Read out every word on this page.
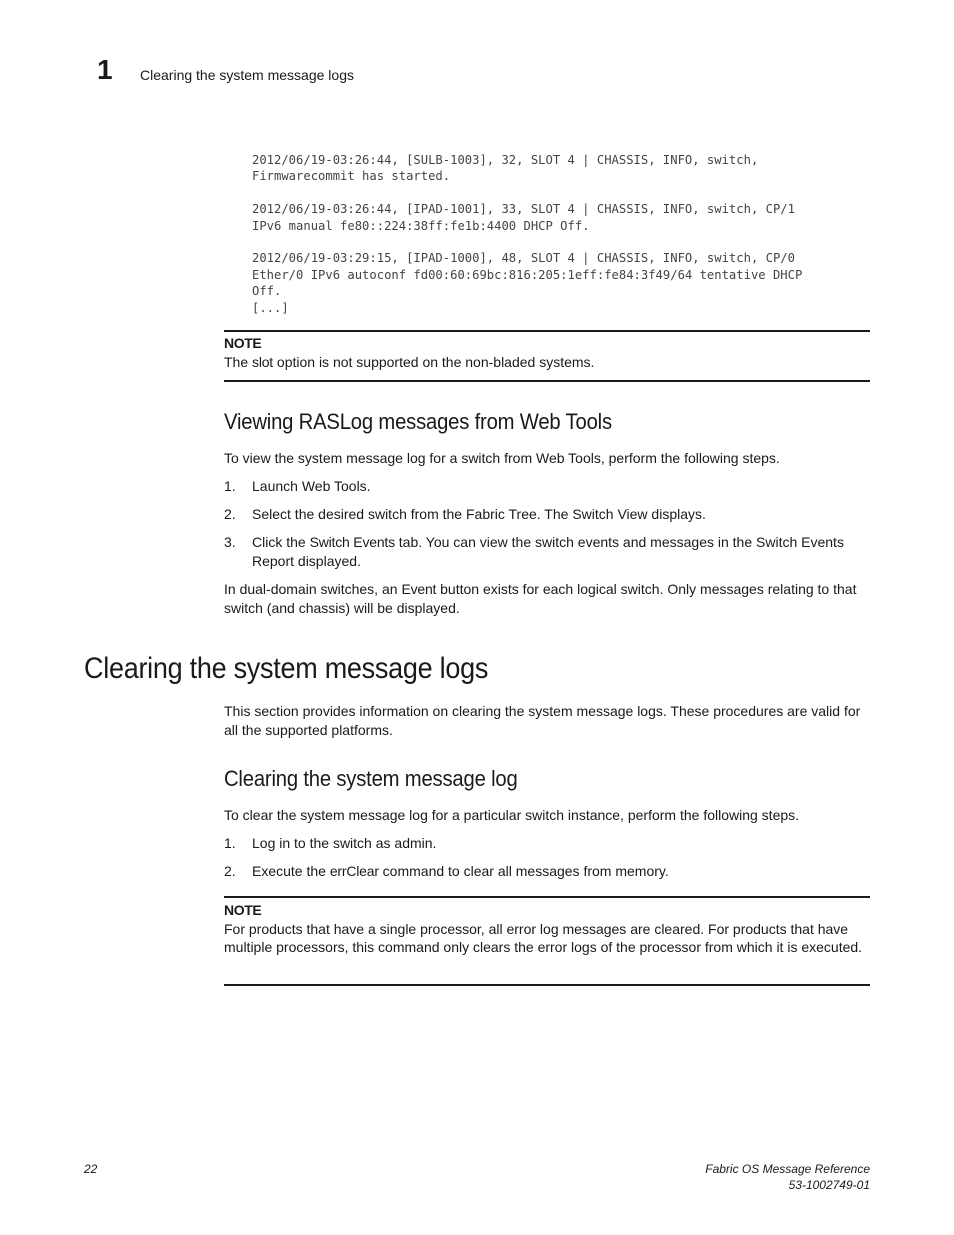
1 Clearing the system message logs
2012/06/19-03:26:44, [SULB-1003], 32, SLOT 4 | CHASSIS, INFO, switch,
Firmwarecommit has started.

2012/06/19-03:26:44, [IPAD-1001], 33, SLOT 4 | CHASSIS, INFO, switch, CP/1
IPv6 manual fe80::224:38ff:fe1b:4400 DHCP Off.

2012/06/19-03:29:15, [IPAD-1000], 48, SLOT 4 | CHASSIS, INFO, switch, CP/0
Ether/0 IPv6 autoconf fd00:60:69bc:816:205:1eff:fe84:3f49/64 tentative DHCP
Off.
[...]
NOTE
The slot option is not supported on the non-bladed systems.
Viewing RASLog messages from Web Tools

To view the system message log for a switch from Web Tools, perform the following steps.

1. Launch Web Tools.
2. Select the desired switch from the Fabric Tree. The Switch View displays.
3. Click the Switch Events tab. You can view the switch events and messages in the Switch Events Report displayed.

In dual-domain switches, an Event button exists for each logical switch. Only messages relating to that switch (and chassis) will be displayed.

Clearing the system message logs

This section provides information on clearing the system message logs. These procedures are valid for all the supported platforms.

Clearing the system message log

To clear the system message log for a particular switch instance, perform the following steps.

1. Log in to the switch as admin.
2. Execute the errClear command to clear all messages from memory.
NOTE
For products that have a single processor, all error log messages are cleared. For products that have multiple processors, this command only clears the error logs of the processor from which it is executed.
22	Fabric OS Message Reference
53-1002749-01
